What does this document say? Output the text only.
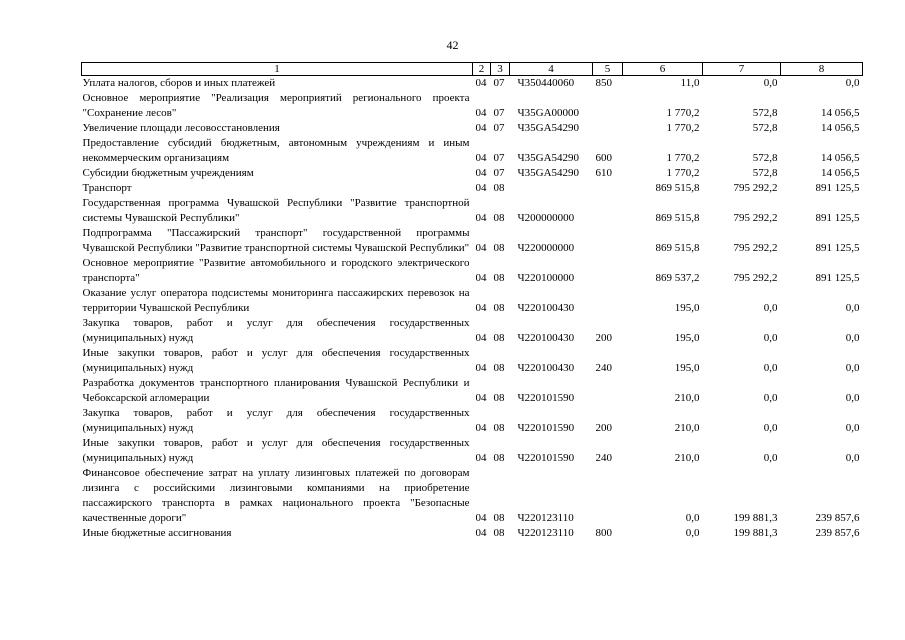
42
1	2	3	4	5	6	7	8
Уплата налогов, сборов и иных платежей	04	07	Ч350440060	850	11,0	0,0	0,0
Основное мероприятие "Реализация мероприятий регионального проекта "Сохранение лесов"	04	07	Ч35GA00000		1 770,2	572,8	14 056,5
Увеличение площади лесовосстановления	04	07	Ч35GA54290		1 770,2	572,8	14 056,5
Предоставление субсидий бюджетным, автономным учреждениям и иным некоммерческим организациям	04	07	Ч35GA54290	600	1 770,2	572,8	14 056,5
Субсидии бюджетным учреждениям	04	07	Ч35GA54290	610	1 770,2	572,8	14 056,5
Транспорт	04	08			869 515,8	795 292,2	891 125,5
Государственная программа Чувашской Республики "Развитие транспортной системы Чувашской Республики"	04	08	Ч200000000		869 515,8	795 292,2	891 125,5
Подпрограмма "Пассажирский транспорт" государственной программы Чувашской Республики "Развитие транспортной системы Чувашской Республики"	04	08	Ч220000000		869 515,8	795 292,2	891 125,5
Основное мероприятие "Развитие автомобильного и городского электрического транспорта"	04	08	Ч220100000		869 537,2	795 292,2	891 125,5
Оказание услуг оператора подсистемы мониторинга пассажирских перевозок на территории Чувашской Республики	04	08	Ч220100430		195,0	0,0	0,0
Закупка товаров, работ и услуг для обеспечения государственных (муниципальных) нужд	04	08	Ч220100430	200	195,0	0,0	0,0
Иные закупки товаров, работ и услуг для обеспечения государственных (муниципальных) нужд	04	08	Ч220100430	240	195,0	0,0	0,0
Разработка документов транспортного планирования Чувашской Республики и Чебоксарской агломерации	04	08	Ч220101590		210,0	0,0	0,0
Закупка товаров, работ и услуг для обеспечения государственных (муниципальных) нужд	04	08	Ч220101590	200	210,0	0,0	0,0
Иные закупки товаров, работ и услуг для обеспечения государственных (муниципальных) нужд	04	08	Ч220101590	240	210,0	0,0	0,0
Финансовое обеспечение затрат на уплату лизинговых платежей по договорам лизинга с российскими лизинговыми компаниями на приобретение пассажирского транспорта в рамках национального проекта "Безопасные качественные дороги"	04	08	Ч220123110		0,0	199 881,3	239 857,6
Иные бюджетные ассигнования	04	08	Ч220123110	800	0,0	199 881,3	239 857,6
